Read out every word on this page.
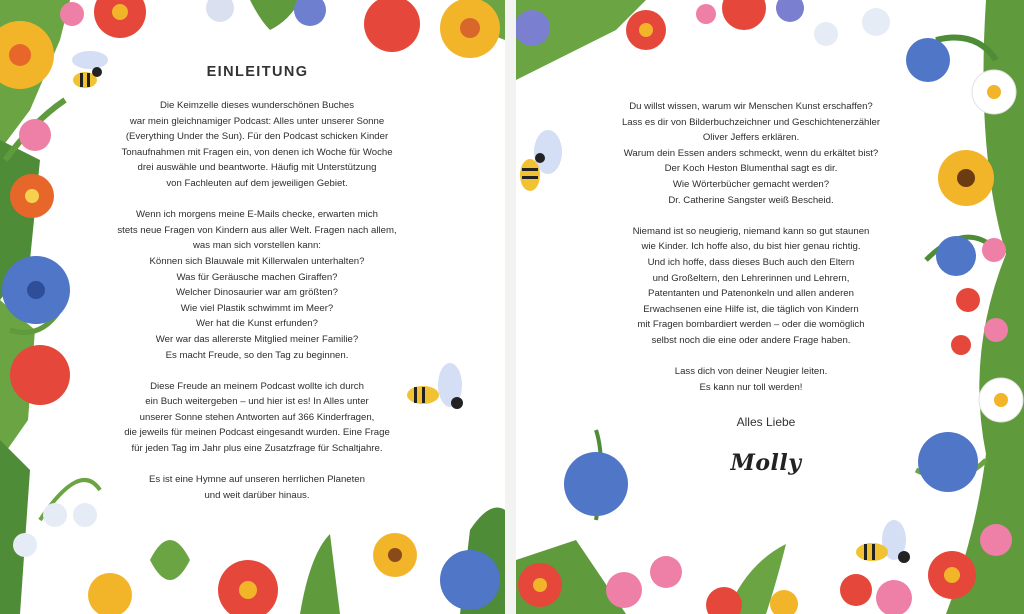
EINLEITUNG

Die Keimzelle dieses wunderschönen Buches

war mein gleichnamiger Podcast: Alles unter unserer Sonne

(Everything Under the Sun). Für den Podcast schicken Kinder

Tonaufnahmen mit Fragen ein, von denen ich Woche für Woche

drei auswähle und beantworte. Häufig mit Unterstützung

von Fachleuten auf dem jeweiligen Gebiet.

Wenn ich morgens meine E-Mails checke, erwarten mich

stets neue Fragen von Kindern aus aller Welt. Fragen nach allem,

was man sich vorstellen kann:

Können sich Blauwale mit Killerwalen unterhalten?

Was für Geräusche machen Giraffen?

Welcher Dinosaurier war am größten?

Wie viel Plastik schwimmt im Meer?

Wer hat die Kunst erfunden?

Wer war das allererste Mitglied meiner Familie?

Es macht Freude, so den Tag zu beginnen.

Diese Freude an meinem Podcast wollte ich durch

ein Buch weitergeben – und hier ist es! In Alles unter

unserer Sonne stehen Antworten auf 366 Kinderfragen,

die jeweils für meinen Podcast eingesandt wurden. Eine Frage

für jeden Tag im Jahr plus eine Zusatzfrage für Schaltjahre.

Es ist eine Hymne auf unseren herrlichen Planeten

und weit darüber hinaus.

Du willst wissen, warum wir Menschen Kunst erschaffen?

Lass es dir von Bilderbuchzeichner und Geschichtenerzähler

Oliver Jeffers erklären.

Warum dein Essen anders schmeckt, wenn du erkältet bist?

Der Koch Heston Blumenthal sagt es dir.

Wie Wörterbücher gemacht werden?

Dr. Catherine Sangster weiß Bescheid.

Niemand ist so neugierig, niemand kann so gut staunen

wie Kinder. Ich hoffe also, du bist hier genau richtig.

Und ich hoffe, dass dieses Buch auch den Eltern

und Großeltern, den Lehrerinnen und Lehrern,

Patentanten und Patenonkeln und allen anderen

Erwachsenen eine Hilfe ist, die täglich von Kindern

mit Fragen bombardiert werden – oder die womöglich

selbst noch die eine oder andere Frage haben.

Lass dich von deiner Neugier leiten.

Es kann nur toll werden!

Alles Liebe
Molly
